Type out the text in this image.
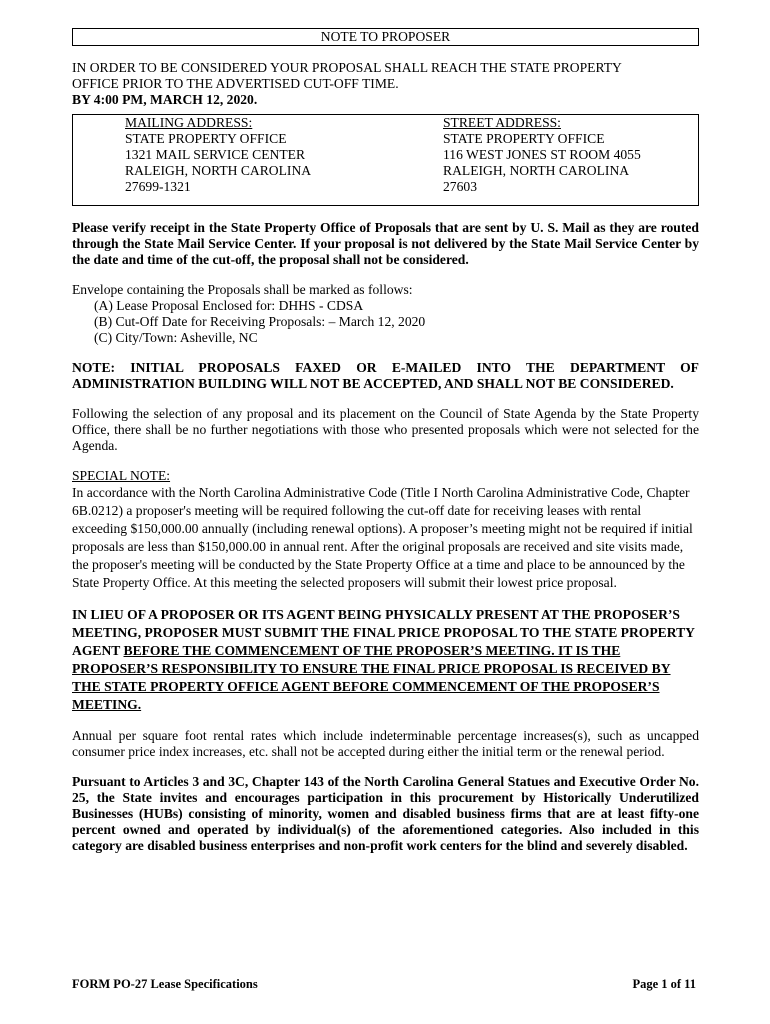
NOTE TO PROPOSER
IN ORDER TO BE CONSIDERED YOUR PROPOSAL SHALL REACH THE STATE PROPERTY
OFFICE PRIOR TO THE ADVERTISED CUT-OFF TIME.
BY 4:00 PM, MARCH 12, 2020.
MAILING ADDRESS:
STATE PROPERTY OFFICE
1321 MAIL SERVICE CENTER
RALEIGH, NORTH CAROLINA
27699-1321
STREET ADDRESS:
STATE PROPERTY OFFICE
116 WEST JONES ST ROOM 4055
RALEIGH, NORTH CAROLINA
27603
Please verify receipt in the State Property Office of Proposals that are sent by U. S. Mail as they are routed through the State Mail Service Center. If your proposal is not delivered by the State Mail Service Center by the date and time of the cut-off, the proposal shall not be considered.
Envelope containing the Proposals shall be marked as follows:
(A) Lease Proposal Enclosed for: DHHS - CDSA
(B) Cut-Off Date for Receiving Proposals: – March 12, 2020
(C) City/Town: Asheville, NC
NOTE: INITIAL PROPOSALS FAXED OR E-MAILED INTO THE DEPARTMENT OF ADMINISTRATION BUILDING WILL NOT BE ACCEPTED, AND SHALL NOT BE CONSIDERED.
Following the selection of any proposal and its placement on the Council of State Agenda by the State Property Office, there shall be no further negotiations with those who presented proposals which were not selected for the Agenda.
SPECIAL NOTE:
In accordance with the North Carolina Administrative Code (Title I North Carolina Administrative Code, Chapter 6B.0212) a proposer's meeting will be required following the cut-off date for receiving leases with rental exceeding $150,000.00 annually (including renewal options). A proposer’s meeting might not be required if initial proposals are less than $150,000.00 in annual rent. After the original proposals are received and site visits made, the proposer's meeting will be conducted by the State Property Office at a time and place to be announced by the State Property Office. At this meeting the selected proposers will submit their lowest price proposal.
IN LIEU OF A PROPOSER OR ITS AGENT BEING PHYSICALLY PRESENT AT THE PROPOSER’S MEETING, PROPOSER MUST SUBMIT THE FINAL PRICE PROPOSAL TO THE STATE PROPERTY AGENT BEFORE THE COMMENCEMENT OF THE PROPOSER’S MEETING. IT IS THE PROPOSER’S RESPONSIBILITY TO ENSURE THE FINAL PRICE PROPOSAL IS RECEIVED BY THE STATE PROPERTY OFFICE AGENT BEFORE COMMENCEMENT OF THE PROPOSER’S MEETING.
Annual per square foot rental rates which include indeterminable percentage increases(s), such as uncapped consumer price index increases, etc. shall not be accepted during either the initial term or the renewal period.
Pursuant to Articles 3 and 3C, Chapter 143 of the North Carolina General Statues and Executive Order No. 25, the State invites and encourages participation in this procurement by Historically Underutilized Businesses (HUBs) consisting of minority, women and disabled business firms that are at least fifty-one percent owned and operated by individual(s) of the aforementioned categories. Also included in this category are disabled business enterprises and non-profit work centers for the blind and severely disabled.
FORM PO-27 Lease Specifications	Page 1 of 11
